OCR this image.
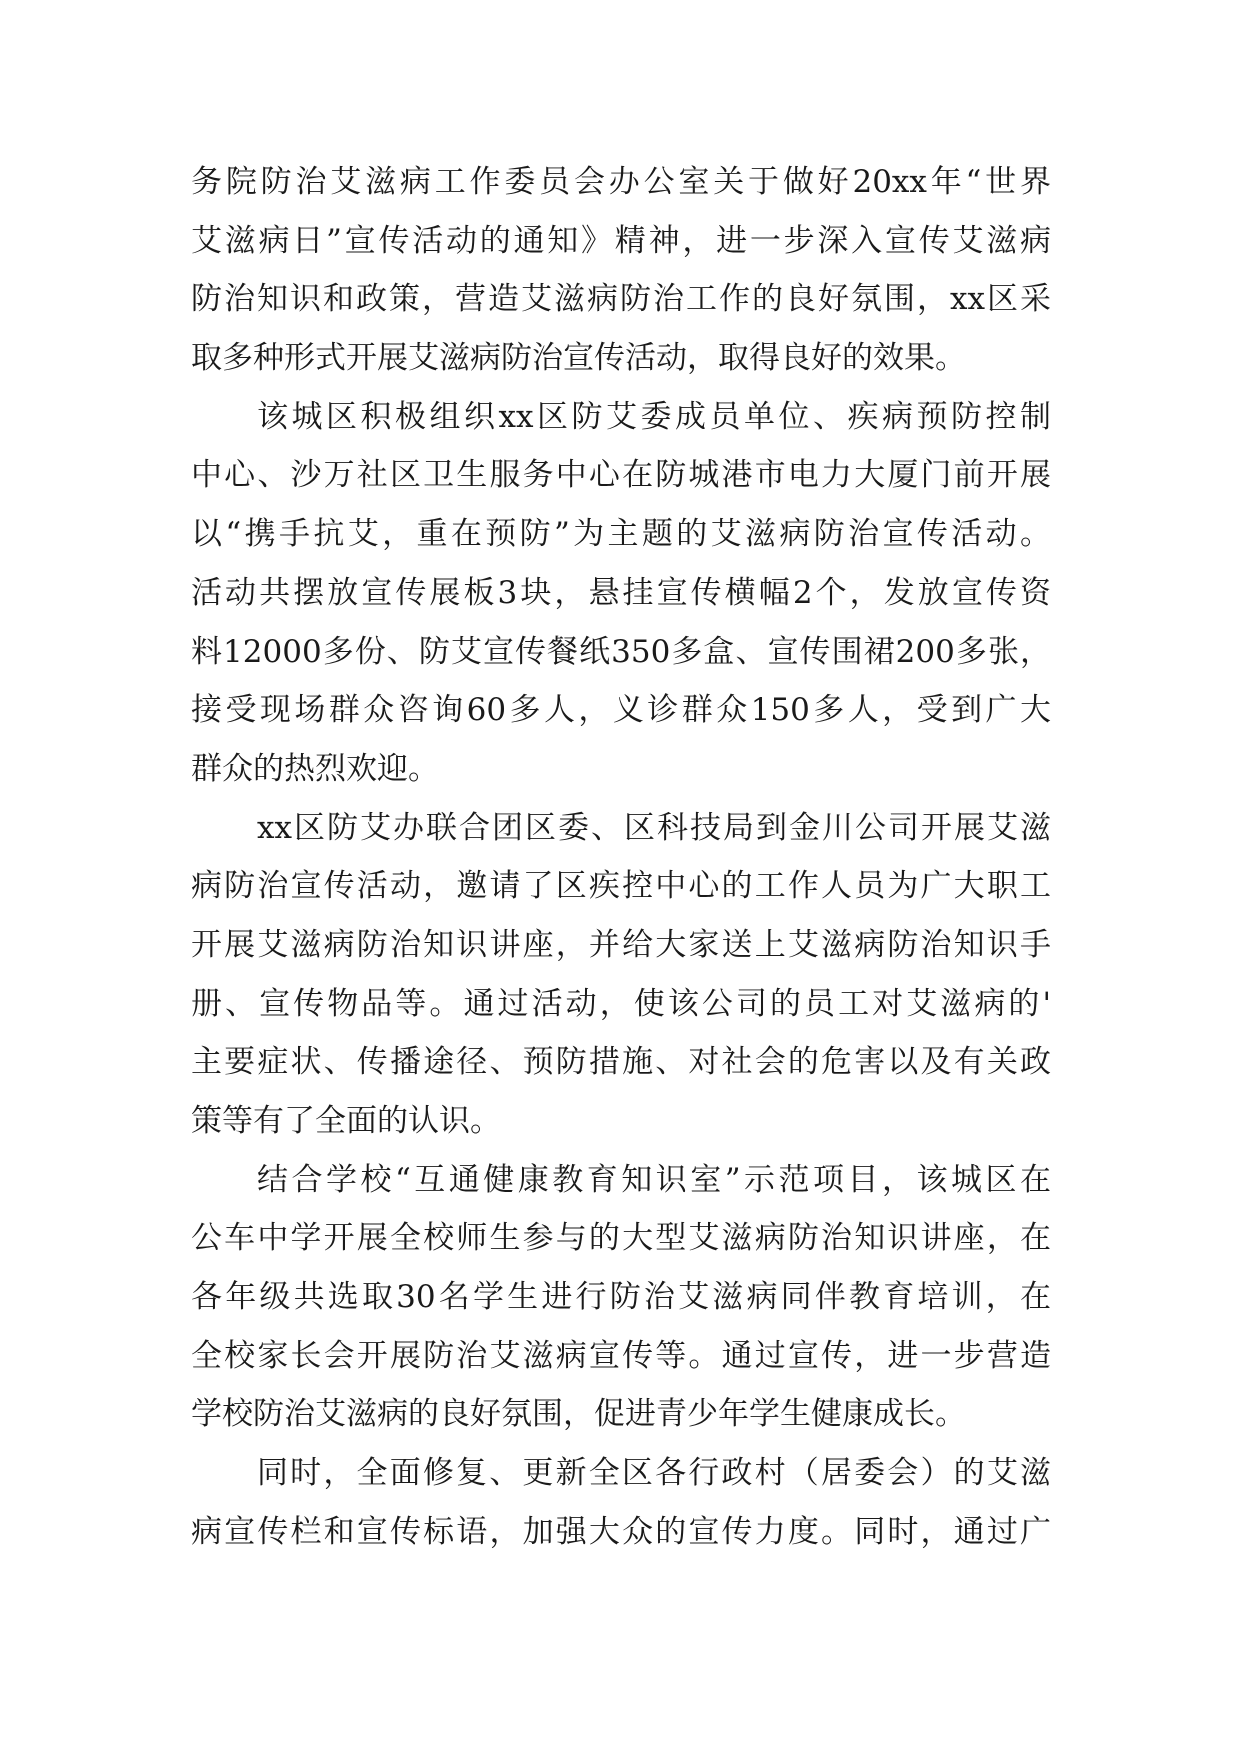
务院防治艾滋病工作委员会办公室关于做好20xx年“世界
艾滋病日”宣传活动的通知》精神，进一步深入宣传艾滋病
防治知识和政策，营造艾滋病防治工作的良好氛围，xx区采
取多种形式开展艾滋病防治宣传活动，取得良好的效果。
该城区积极组织xx区防艾委成员单位、疾病预防控制
中心、沙万社区卫生服务中心在防城港市电力大厦门前开展
以“携手抗艾，重在预防”为主题的艾滋病防治宣传活动。
活动共摆放宣传展板3块，悬挂宣传横幅2个，发放宣传资
料12000多份、防艾宣传餐纸350多盒、宣传围裙200多张，
接受现场群众咨询60多人，义诊群众150多人，受到广大
群众的热烈欢迎。
xx区防艾办联合团区委、区科技局到金川公司开展艾滋
病防治宣传活动，邀请了区疾控中心的工作人员为广大职工
开展艾滋病防治知识讲座，并给大家送上艾滋病防治知识手
册、宣传物品等。通过活动，使该公司的员工对艾滋病的'
主要症状、传播途径、预防措施、对社会的危害以及有关政
策等有了全面的认识。
结合学校“互通健康教育知识室”示范项目，该城区在
公车中学开展全校师生参与的大型艾滋病防治知识讲座，在
各年级共选取30名学生进行防治艾滋病同伴教育培训，在
全校家长会开展防治艾滋病宣传等。通过宣传，进一步营造
学校防治艾滋病的良好氛围，促进青少年学生健康成长。
同时，全面修复、更新全区各行政村（居委会）的艾滋
病宣传栏和宣传标语，加强大众的宣传力度。同时，通过广
